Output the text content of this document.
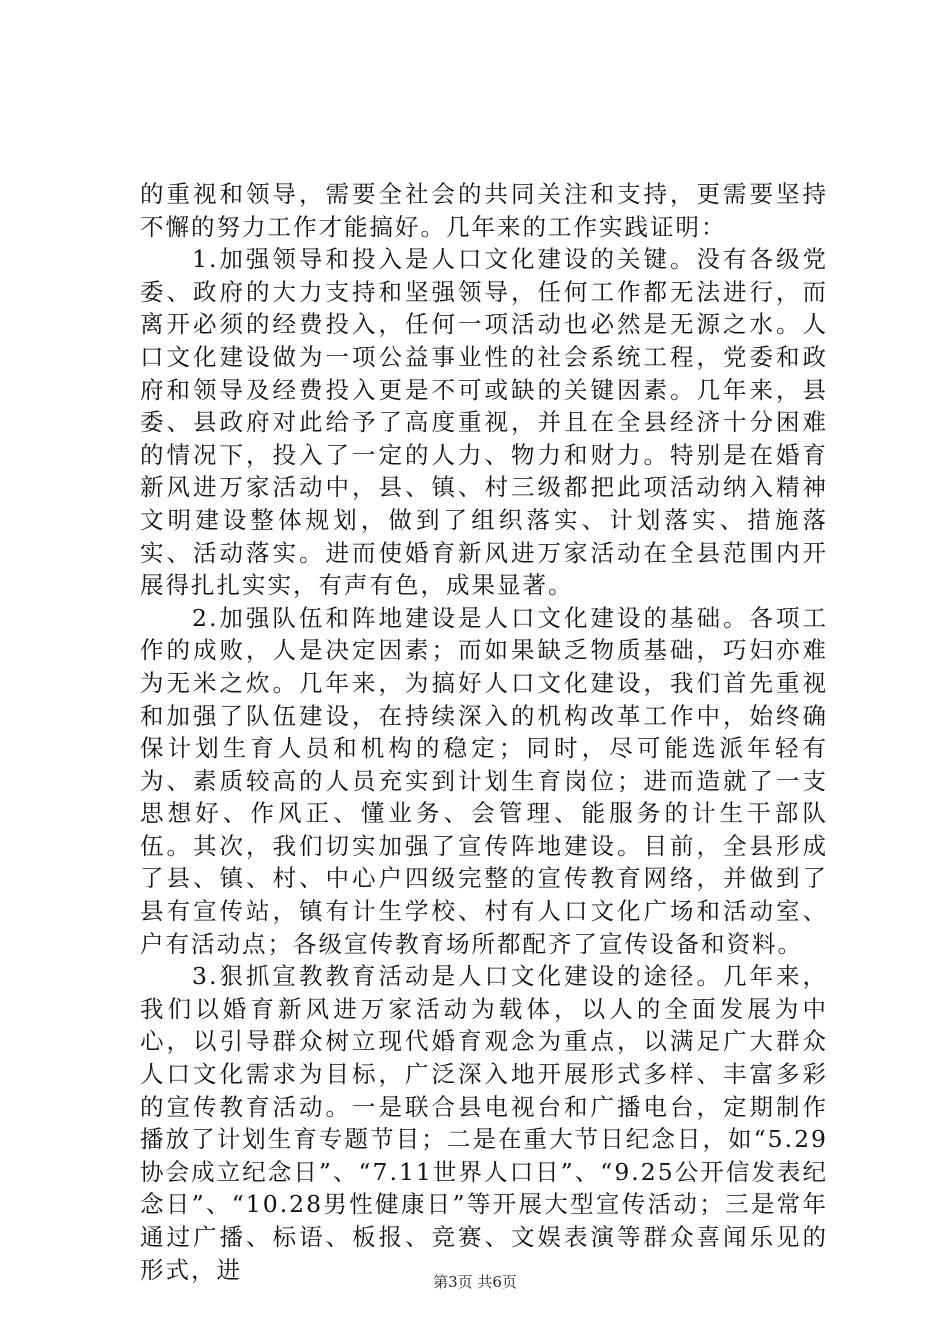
的重视和领导，需要全社会的共同关注和支持，更需要坚持不懈的努力工作才能搞好。几年来的工作实践证明：

1.加强领导和投入是人口文化建设的关键。没有各级党委、政府的大力支持和坚强领导，任何工作都无法进行，而离开必须的经费投入，任何一项活动也必然是无源之水。人口文化建设做为一项公益事业性的社会系统工程，党委和政府和领导及经费投入更是不可或缺的关键因素。几年来，县委、县政府对此给予了高度重视，并且在全县经济十分困难的情况下，投入了一定的人力、物力和财力。特别是在婚育新风进万家活动中，县、镇、村三级都把此项活动纳入精神文明建设整体规划，做到了组织落实、计划落实、措施落实、活动落实。进而使婚育新风进万家活动在全县范围内开展得扎扎实实，有声有色，成果显著。

2.加强队伍和阵地建设是人口文化建设的基础。各项工作的成败，人是决定因素；而如果缺乏物质基础，巧妇亦难为无米之炊。几年来，为搞好人口文化建设，我们首先重视和加强了队伍建设，在持续深入的机构改革工作中，始终确保计划生育人员和机构的稳定；同时，尽可能选派年轻有为、素质较高的人员充实到计划生育岗位；进而造就了一支思想好、作风正、懂业务、会管理、能服务的计生干部队伍。其次，我们切实加强了宣传阵地建设。目前，全县形成了县、镇、村、中心户四级完整的宣传教育网络，并做到了县有宣传站，镇有计生学校、村有人口文化广场和活动室、户有活动点；各级宣传教育场所都配齐了宣传设备和资料。

3.狠抓宣教教育活动是人口文化建设的途径。几年来，我们以婚育新风进万家活动为载体，以人的全面发展为中心，以引导群众树立现代婚育观念为重点，以满足广大群众人口文化需求为目标，广泛深入地开展形式多样、丰富多彩的宣传教育活动。一是联合县电视台和广播电台，定期制作播放了计划生育专题节目；二是在重大节日纪念日，如“5.29协会成立纪念日”、“7.11世界人口日”、“9.25公开信发表纪念日”、“10.28男性健康日”等开展大型宣传活动；三是常年通过广播、标语、板报、竞赛、文娱表演等群众喜闻乐见的形式，进	第3页 共6页
